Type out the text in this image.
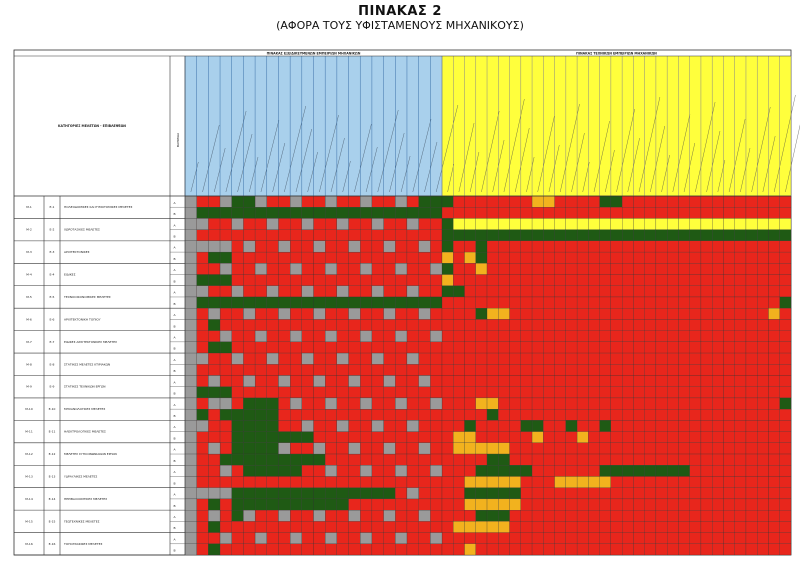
ΠΙΝΑΚΑΣ 2
(ΑΦΟΡΑ ΤΟΥΣ ΥΦΙΣΤΑΜΕΝΟΥΣ ΜΗΧΑΝΙΚΟΥΣ)
ΠΙΝΑΚΑΣ ΕΞΕΙΔΙΚΕΥΜΕΝΩΝ ΕΜΠΕΙΡΙΩΝ ΜΗΧΑΝΙΚΩΝ	ΠΙΝΑΚΑΣ ΤΕΧΝΙΚΩΝ ΕΜΠΕΙΡΙΩΝ ΜΗΧΑΝΙΚΩΝ
ΚΑΤΗΓΟΡΙΕΣ ΜΕΛΕΤΩΝ - ΕΠΙΒΛΕΨΕΩΝ
ΒΑΘΜΙΔΑ
M-1	E-1	ΠΟΛΕΟΔΟΜΙΚΕΣ ΚΑΙ ΡΥΜΟΤΟΜΙΚΕΣ ΜΕΛΕΤΕΣ
Α
Β
M-2	E-2	ΧΩΡΟΤΑΞΙΚΕΣ ΜΕΛΕΤΕΣ
Α
Β
M-3	E-3	ΑΡΧΙΤΕΚΤΟΝΙΚΕΣ
Α
Β
M-4	E-4	ΕΙΔΙΚΕΣ
Α
Β
M-5	E-5	ΤΕΧΝΟΟΙΚΟΝΟΜΙΚΕΣ ΜΕΛΕΤΕΣ
Α
Β
M-6	E-6	ΑΡΧΙΤΕΚΤΟΝΙΚΗ ΤΟΠΙΟΥ
Α
Β
M-7	E-7	ΕΙΔΙΚΕΣ ΑΡΧΙΤΕΚΤΟΝΙΚΕΣ ΜΕΛΕΤΕΣ
Α
Β
M-8	E-8	ΣΤΑΤΙΚΕΣ ΜΕΛΕΤΕΣ ΚΤΙΡΙΑΚΩΝ
Α
Β
M-9	E-9	ΣΤΑΤΙΚΕΣ ΤΕΧΝΙΚΩΝ ΕΡΓΩΝ
Α
Β
M-10	E-10	ΜΗΧΑΝΟΛΟΓΙΚΕΣ ΜΕΛΕΤΕΣ
Α
Β
M-11	E-11	ΗΛΕΚΤΡΟΛΟΓΙΚΕΣ ΜΕΛΕΤΕΣ
Α
Β
M-12	E-12	ΜΕΛΕΤΕΣ ΣΥΓΚΟΙΝΩΝΙΑΚΩΝ ΕΡΓΩΝ
Α
Β
M-13	E-13	ΥΔΡΑΥΛΙΚΕΣ ΜΕΛΕΤΕΣ
Α
Β
M-14	E-14	ΠΕΡΙΒΑΛΛΟΝΤΙΚΕΣ ΜΕΛΕΤΕΣ
Α
Β
M-15	E-15	ΓΕΩΤΕΧΝΙΚΕΣ ΜΕΛΕΤΕΣ
Α
Β
M-16	E-16	ΤΟΠΟΓΡΑΦΙΚΕΣ ΜΕΛΕΤΕΣ
Α
Β
